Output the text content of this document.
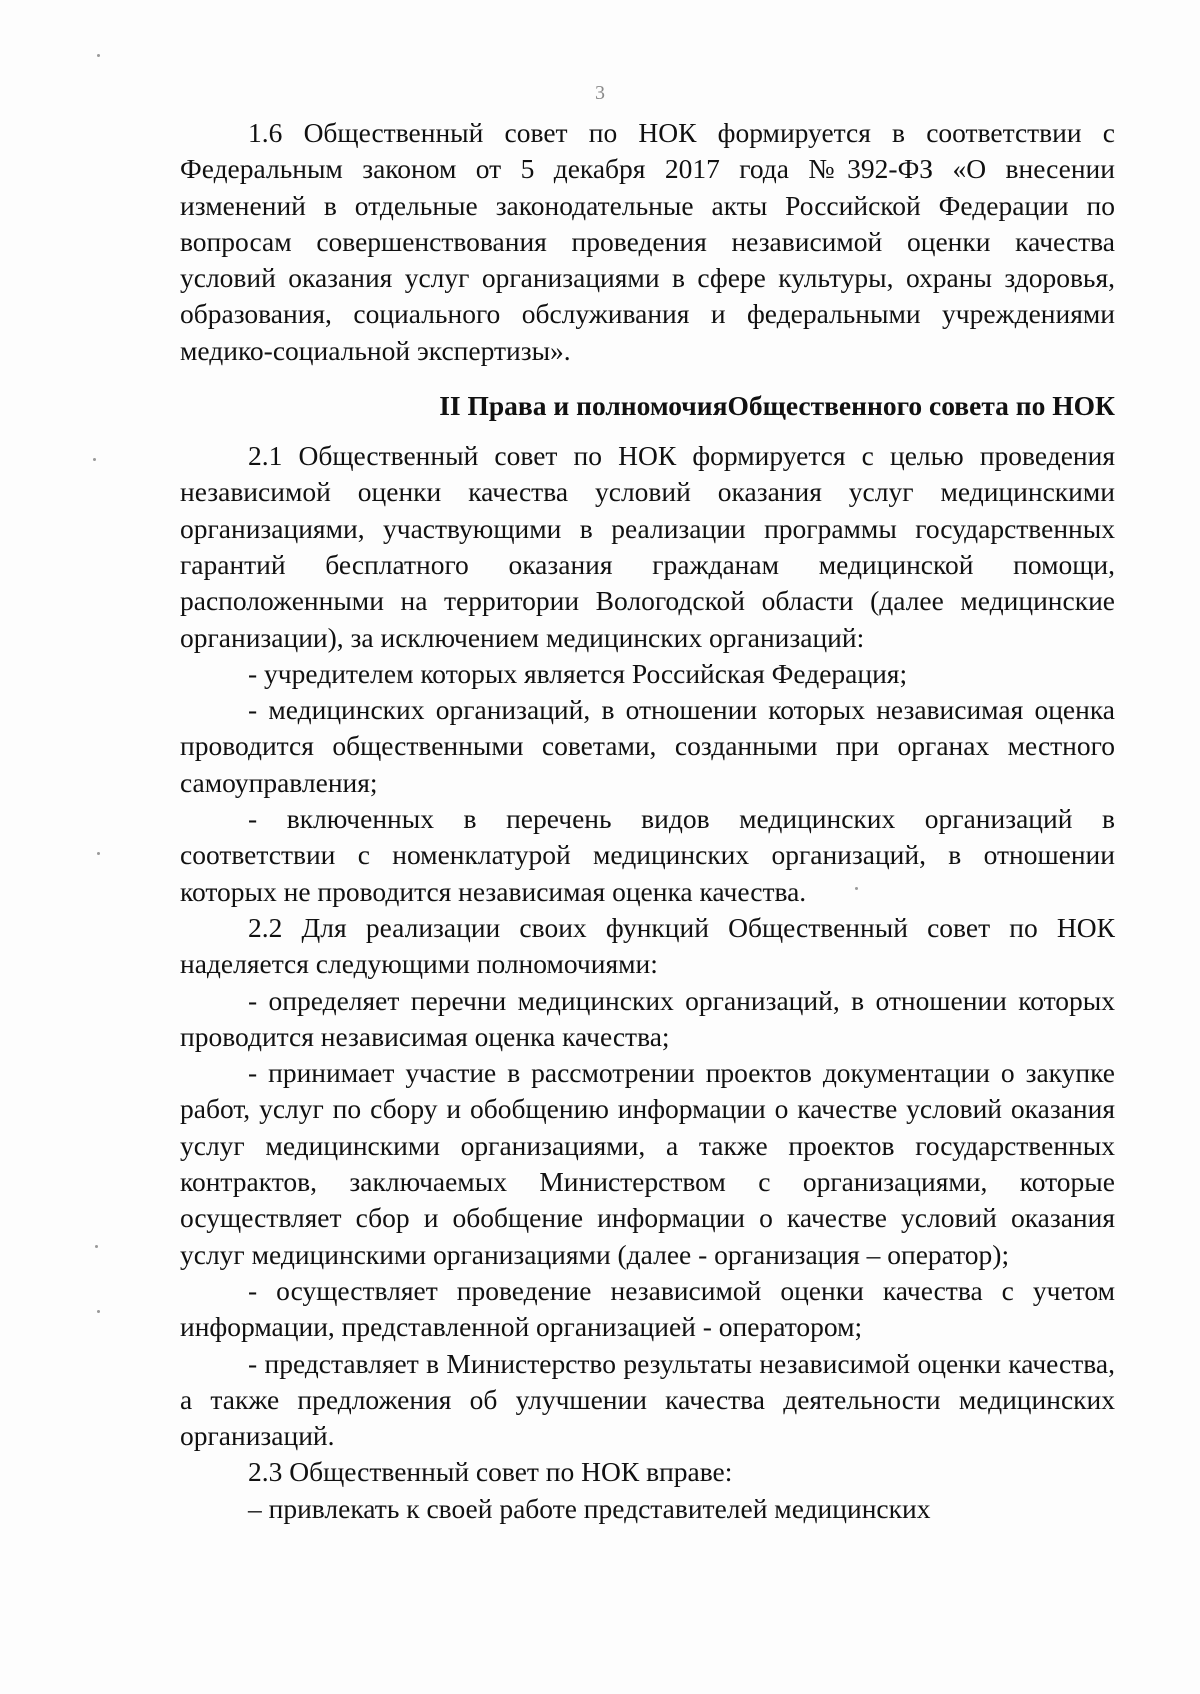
3

1.6 Общественный совет по НОК формируется в соответствии с Федеральным законом от 5 декабря 2017 года №392-ФЗ «О внесении изменений в отдельные законодательные акты Российской Федерации по вопросам совершенствования проведения независимой оценки качества условий оказания услуг организациями в сфере культуры, охраны здоровья, образования, социального обслуживания и федеральными учреждениями медико-социальной экспертизы».

II Права и полномочияОбщественного совета по НОК

2.1 Общественный совет по НОК формируется с целью проведения независимой оценки качества условий оказания услуг медицинскими организациями, участвующими в реализации программы государственных гарантий бесплатного оказания гражданам медицинской помощи, расположенными на территории Вологодской области (далее медицинские организации), за исключением медицинских организаций:

- учредителем которых является Российская Федерация;

- медицинских организаций, в отношении которых независимая оценка проводится общественными советами, созданными при органах местного самоуправления;

- включенных в перечень видов медицинских организаций в соответствии с номенклатурой медицинских организаций, в отношении которых не проводится независимая оценка качества.

2.2 Для реализации своих функций Общественный совет по НОК наделяется следующими полномочиями:

- определяет перечни медицинских организаций, в отношении которых проводится независимая оценка качества;

- принимает участие в рассмотрении проектов документации о закупке работ, услуг по сбору и обобщению информации о качестве условий оказания услуг медицинскими организациями, а также проектов государственных контрактов, заключаемых Министерством с организациями, которые осуществляет сбор и обобщение информации о качестве условий оказания услуг медицинскими организациями (далее - организация – оператор);

- осуществляет проведение независимой оценки качества с учетом информации, представленной организацией - оператором;

- представляет в Министерство результаты независимой оценки качества, а также предложения об улучшении качества деятельности медицинских организаций.

2.3 Общественный совет по НОК вправе:

– привлекать к своей работе представителей медицинских
